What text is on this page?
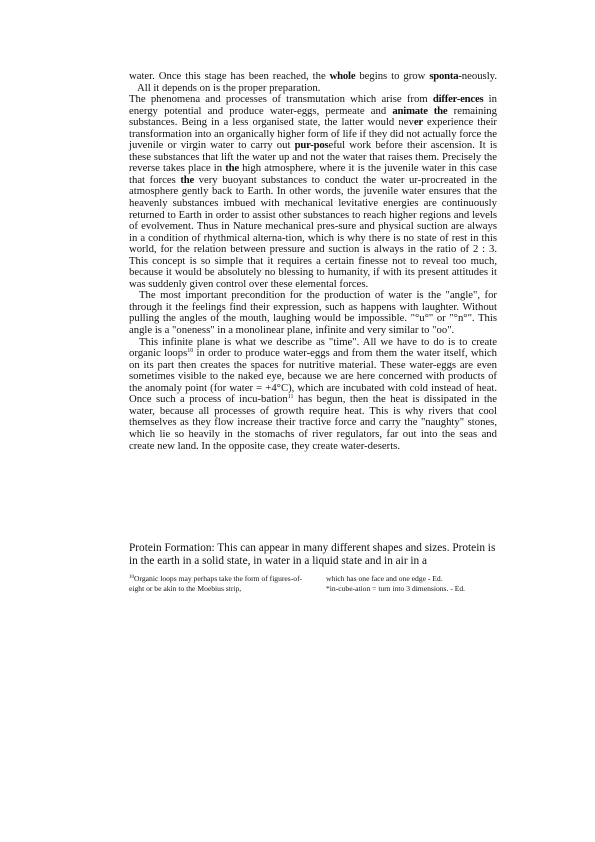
water. Once this stage has been reached, the whole begins to grow sponta-neously. All it depends on is the proper preparation.

The phenomena and processes of transmutation which arise from differ-ences in energy potential and produce water-eggs, permeate and animate the remaining substances. Being in a less organised state, the latter would never experience their transformation into an organically higher form of life if they did not actually force the juvenile or virgin water to carry out pur-poseful work before their ascension. It is these substances that lift the water up and not the water that raises them. Precisely the reverse takes place in the high atmosphere, where it is the juvenile water in this case that forces the very buoyant substances to conduct the water ur-procreated in the atmosphere gently back to Earth. In other words, the juvenile water ensures that the heavenly substances imbued with mechanical levitative energies are continuously returned to Earth in order to assist other substances to reach higher regions and levels of evolvement. Thus in Nature mechanical pres-sure and physical suction are always in a condition of rhythmical alterna-tion, which is why there is no state of rest in this world, for the relation between pressure and suction is always in the ratio of 2 : 3. This concept is so simple that it requires a certain finesse not to reveal too much, because it would be absolutely no blessing to humanity, if with its present attitudes it was suddenly given control over these elemental forces.

The most important precondition for the production of water is the "angle", for through it the feelings find their expression, such as happens with laughter. Without pulling the angles of the mouth, laughing would be impossible. "°u°" or "°n°". This angle is a "oneness" in a monolinear plane, infinite and very similar to "oo".

This infinite plane is what we describe as "time". All we have to do is to create organic loops$^{10}$ in order to produce water-eggs and from them the water itself, which on its part then creates the spaces for nutritive material. These water-eggs are even sometimes visible to the naked eye, because we are here concerned with products of the anomaly point (for water = +4°C), which are incubated with cold instead of heat. Once such a process of incu-bation$^{11}$ has begun, then the heat is dissipated in the water, because all processes of growth require heat. This is why rivers that cool themselves as they flow increase their tractive force and carry the "naughty" stones, which lie so heavily in the stomachs of river regulators, far out into the seas and create new land. In the opposite case, they create water-deserts.

Protein Formation: This can appear in many different shapes and sizes. Protein is in the earth in a solid state, in water in a liquid state and in air in a

$^{10}$Organic loops may perhaps take the form of figures-of-eight or be akin to the Moebius strip,
which has one face and one edge - Ed.
*in-cube-ation = turn into 3 dimensions. - Ed.
